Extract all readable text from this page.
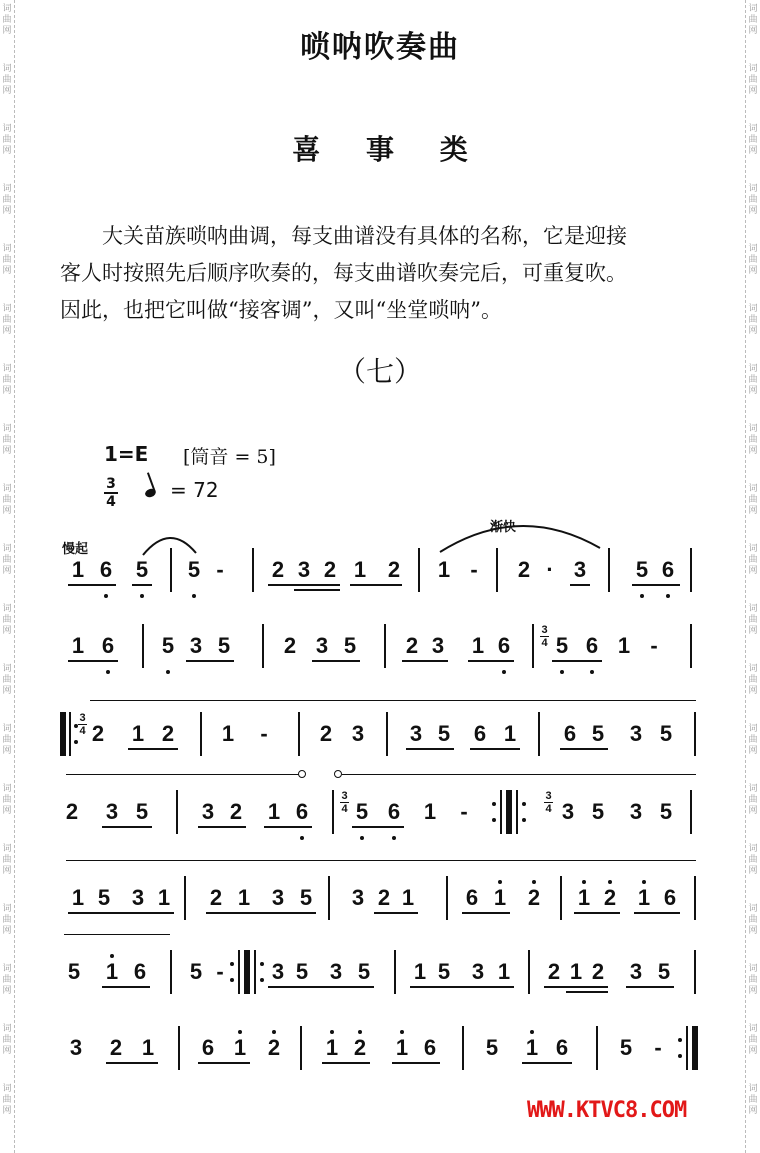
词
曲
网
词
曲
网
词
曲
网
词
曲
网
词
曲
网
词
曲
网
词
曲
网
词
曲
网
词
曲
网
词
曲
网
词
曲
网
词
曲
网
词
曲
网
词
曲
网
词
曲
网
词
曲
网
词
曲
网
词
曲
网
词
曲
网
词
曲
网
词
曲
网
词
曲
网
词
曲
网
词
曲
网
词
曲
网
词
曲
网
词
曲
网
词
曲
网
词
曲
网
词
曲
网
词
曲
网
词
曲
网
词
曲
网
词
曲
网
词
曲
网
词
曲
网
词
曲
网
词
曲
网
唢呐吹奏曲
喜 事 类

大关苗族唢呐曲调，每支曲谱没有具体的名称，它是迎接

客人时按照先后顺序吹奏的，每支曲谱吹奏完后，可重复吹。

因此，也把它叫做“接客调”，又叫“坐堂唢呐”。

（七）
1=E [筒音 = 5]
3
4	= 72
慢起
渐快
1 6 5 5 - 2 3 2 1 2 1 - 2 · 3 5 6
1 6 5 3 5 2 3 5 2 3 1 6
3
4 5 6 1 -
3
4 2 1 2 1 - 2 3 3 5 6 1 6 5 3 5
2 3 5 3 2 1 6
3
4 5 6 1 -
3
4 3 5 3 5
1 5 3 1 2 1 3 5 3 2 1 6 1 2 1 2 1 6
5 1 6 5 - 3 5 3 5 1 5 3 1 2 1 2 3 5
3 2 1 6 1 2 1 2 1 6 5 1 6 5 -
WWW.KTVC8.COM
